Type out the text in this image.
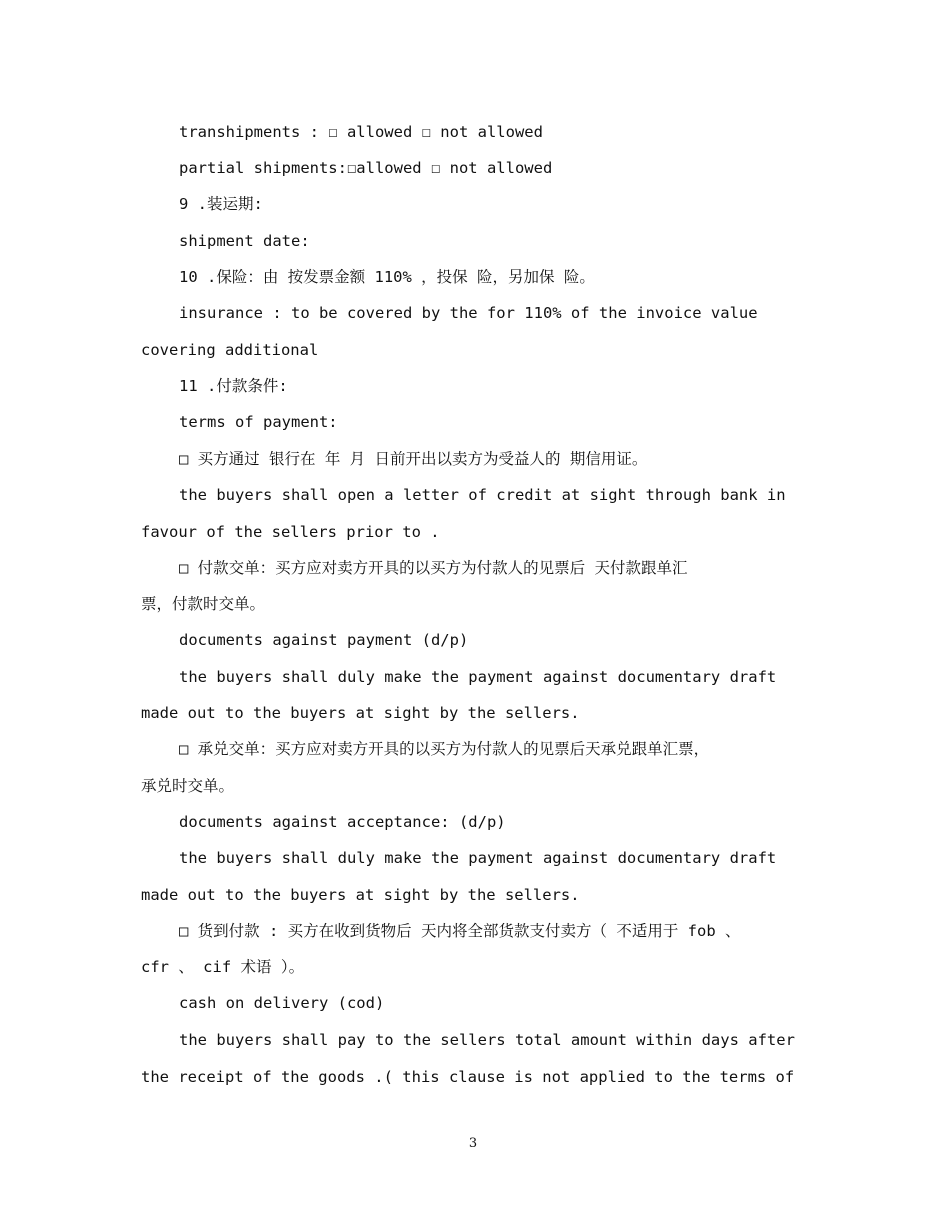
transhipments : ☐ allowed ☐ not allowed
partial shipments:☐allowed ☐ not allowed
9 .装运期:
shipment date:
10 .保险：由 按发票金额 110% ，投保 险，另加保 险。
insurance : to be covered by the for 110% of the invoice value
covering additional
11 .付款条件:
terms of payment:
□ 买方通过 银行在 年 月 日前开出以卖方为受益人的 期信用证。
the buyers shall open a letter of credit at sight through bank in
favour of the sellers prior to .
□ 付款交单：买方应对卖方开具的以买方为付款人的见票后 天付款跟单汇
票，付款时交单。
documents against payment (d/p)
the buyers shall duly make the payment against documentary draft
made out to the buyers at sight by the sellers.
□ 承兑交单：买方应对卖方开具的以买方为付款人的见票后天承兑跟单汇票，
承兑时交单。
documents against acceptance: (d/p)
the buyers shall duly make the payment against documentary draft
made out to the buyers at sight by the sellers.
□ 货到付款 : 买方在收到货物后 天内将全部货款支付卖方（ 不适用于 fob 、
cfr 、 cif 术语 ）。
cash on delivery (cod)
the buyers shall pay to the sellers total amount within days after
the receipt of the goods .( this clause is not applied to the terms of
3
